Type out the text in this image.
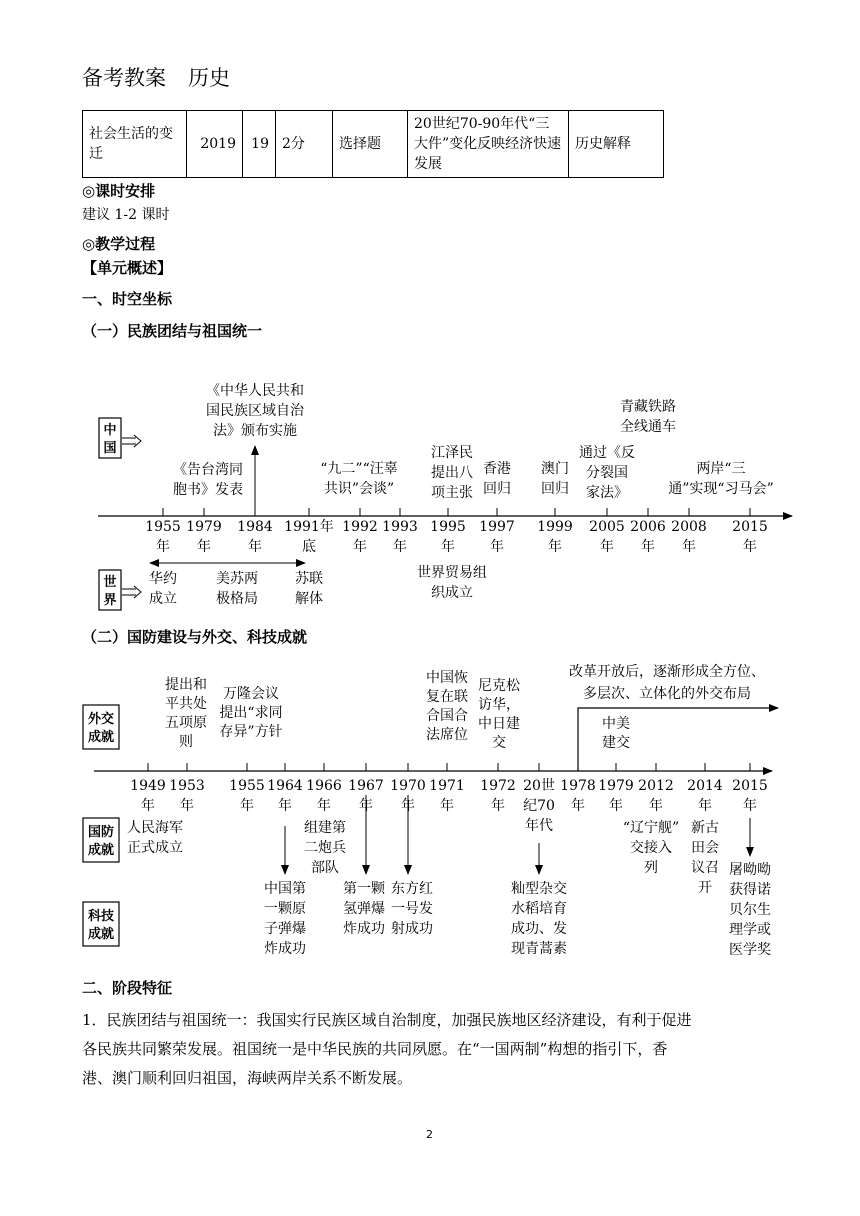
备考教案 历史
社会生活的变迁	2019	19	2分	选择题	20世纪70-90年代“三大件”变化反映经济快速发展	历史解释
◎课时安排
建议 1-2 课时
◎教学过程
【单元概述】
一、时空坐标
（一）民族团结与祖国统一
中
国
世
界
1955
年
1979
年
1984
年
1991年
底
1992
年
1993
年
1995
年
1997
年
1999
年
2005
年
2006
年
2008
年
2015
年
《中华人民共和
国民族区域自治
法》颁布实施
《告台湾同
胞书》发表
“九二”“汪辜
共识”会谈”
江泽民
提出八
项主张
香港
回归
澳门
回归
通过《反
分裂国
家法》
青藏铁路
全线通车
两岸“三
通”实现“习马会”
华约
成立
美苏两
极格局
苏联
解体
世界贸易组
织成立
外交
成就
国防
成就
科技
成就
1949
年
1953
年
1955
年
1964
年
1966
年
1967
年
1970
年
1971
年
1972
年
20世
纪70
1978
年
1979
年
2012
年
2014
年
2015
年
年代
提出和
平共处
五项原
则
万隆会议
提出“求同
存异”方针
中国恢
复在联
合国合
法席位
尼克松
访华，
中日建
交
改革开放后，逐渐形成全方位、
多层次、立体化的外交布局
中美
建交
人民海军
正式成立
组建第
二炮兵
部队
“辽宁舰”
交接入
列
新古
田会
议召
开
中国第
一颗原
子弹爆
炸成功
第一颗
氢弹爆
炸成功
东方红
一号发
射成功
籼型杂交
水稻培育
成功、发
现青蒿素
屠呦呦
获得诺
贝尔生
理学或
医学奖
（二）国防建设与外交、科技成就
二、阶段特征
1．民族团结与祖国统一：我国实行民族区域自治制度，加强民族地区经济建设，有利于促进
各民族共同繁荣发展。祖国统一是中华民族的共同夙愿。在“一国两制”构想的指引下，香
港、澳门顺利回归祖国，海峡两岸关系不断发展。
2
